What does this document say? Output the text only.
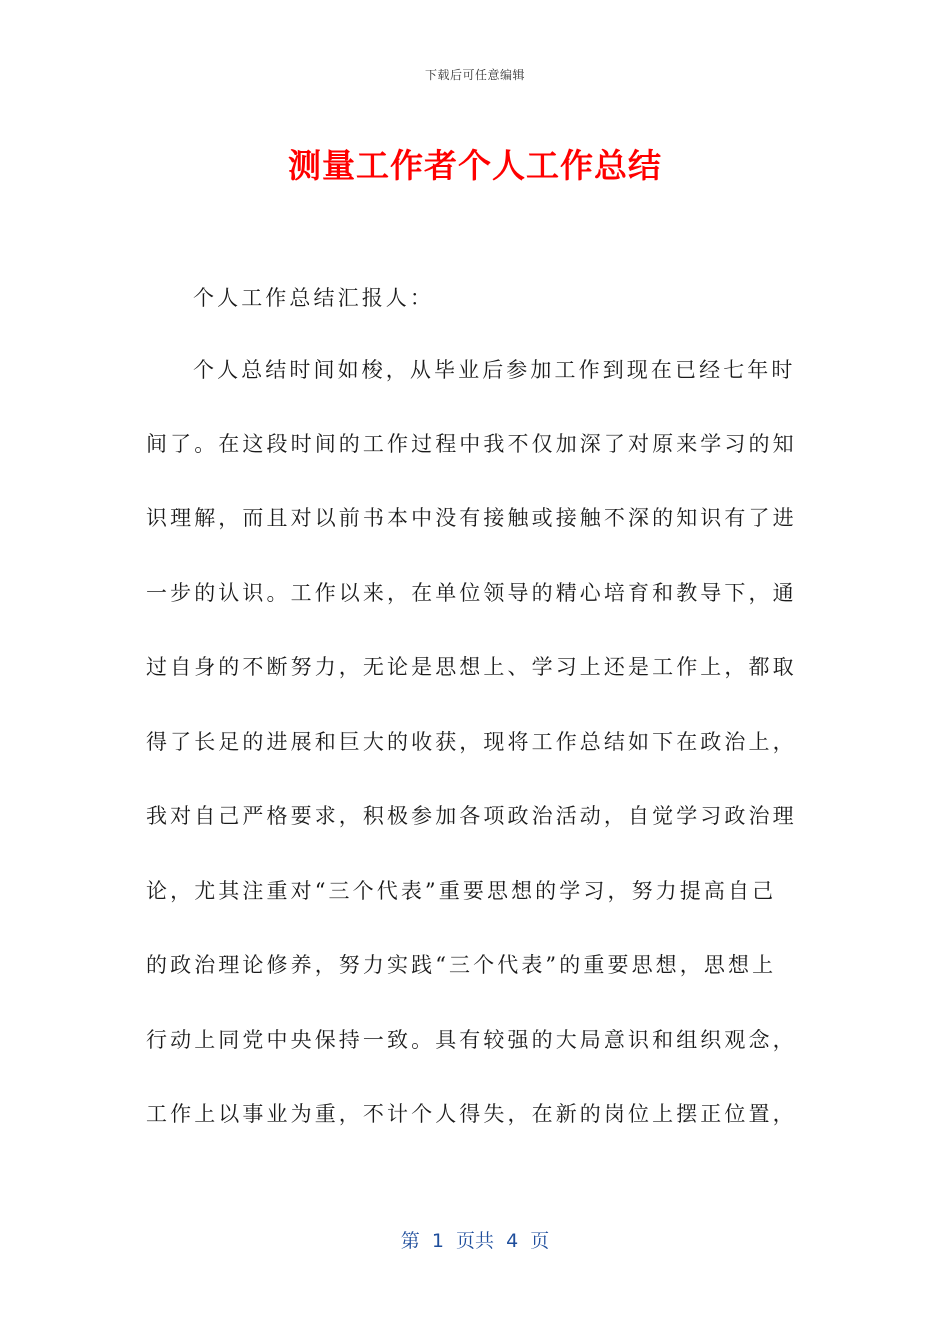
下载后可任意编辑
测量工作者个人工作总结
个人工作总结汇报人：
个人总结时间如梭，从毕业后参加工作到现在已经七年时
间了。在这段时间的工作过程中我不仅加深了对原来学习的知
识理解，而且对以前书本中没有接触或接触不深的知识有了进
一步的认识。工作以来，在单位领导的精心培育和教导下，通
过自身的不断努力，无论是思想上、学习上还是工作上，都取
得了长足的进展和巨大的收获，现将工作总结如下在政治上，
我对自己严格要求，积极参加各项政治活动，自觉学习政治理
论，尤其注重对“三个代表”重要思想的学习，努力提高自己
的政治理论修养，努力实践“三个代表”的重要思想，思想上
行动上同党中央保持一致。具有较强的大局意识和组织观念，
工作上以事业为重，不计个人得失，在新的岗位上摆正位置，
第  1  页共  4  页
